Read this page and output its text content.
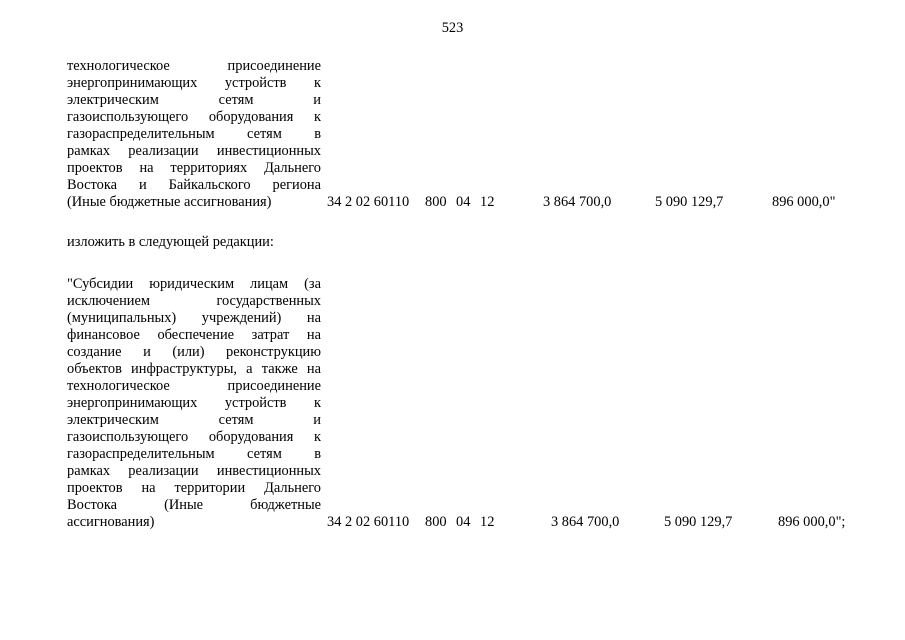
523
технологическое присоединение
энергопринимающих устройств к
электрическим сетям и
газоиспользующего оборудования к
газораспределительным сетям в
рамках реализации инвестиционных
проектов на территориях Дальнего
Востока и Байкальского региона
(Иные бюджетные ассигнования)	34 2 02 60110 800 04 12	3 864 700,0	5 090 129,7	896 000,0"
изложить в следующей редакции:
"Субсидии юридическим лицам (за
исключением государственных
(муниципальных) учреждений) на
финансовое обеспечение затрат на
создание и (или) реконструкцию
объектов инфраструктуры, а также на
технологическое присоединение
энергопринимающих устройств к
электрическим сетям и
газоиспользующего оборудования к
газораспределительным сетям в
рамках реализации инвестиционных
проектов на территории Дальнего
Востока (Иные бюджетные
ассигнования)	34 2 02 60110 800 04 12	3 864 700,0	5 090 129,7	896 000,0";
